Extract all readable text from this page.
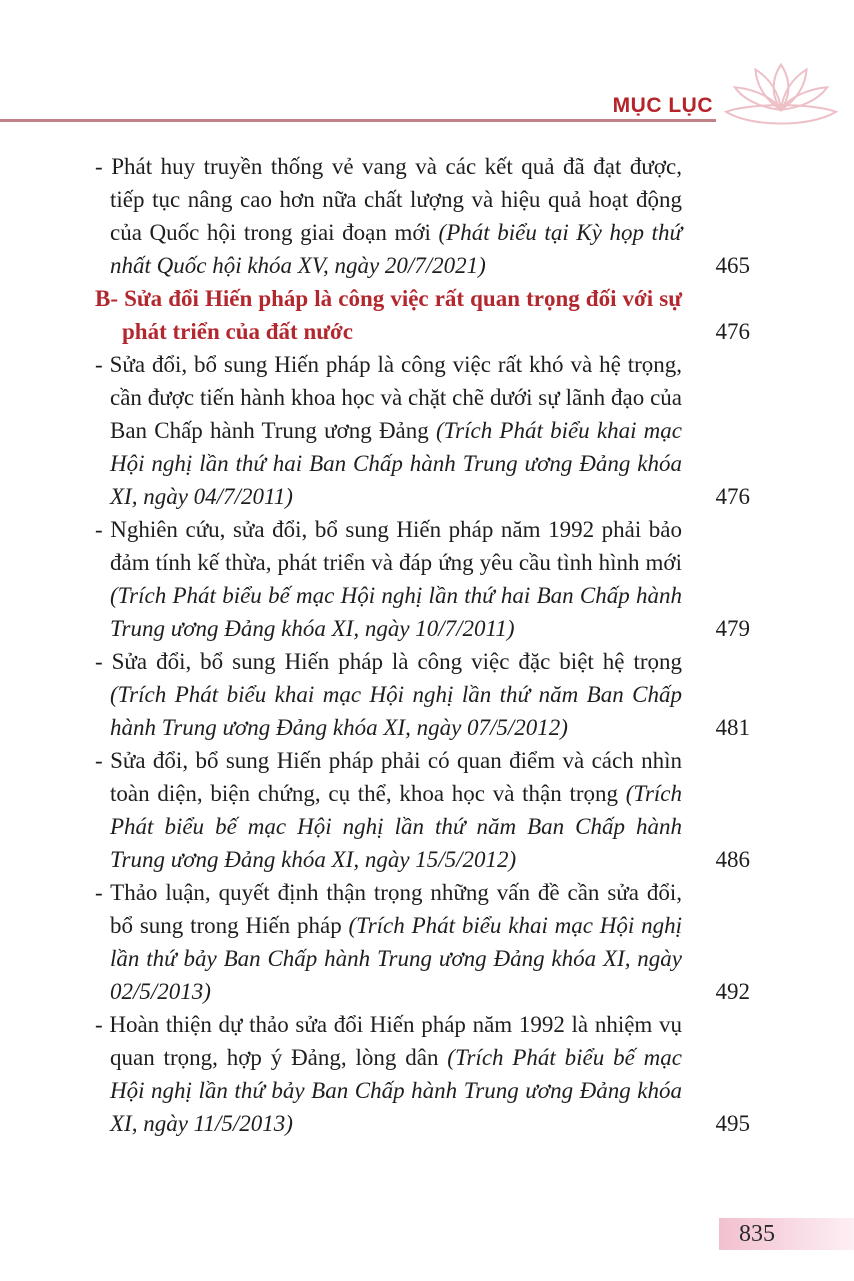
MỤC LỤC

- Phát huy truyền thống vẻ vang và các kết quả đã đạt được, tiếp tục nâng cao hơn nữa chất lượng và hiệu quả hoạt động của Quốc hội trong giai đoạn mới (Phát biểu tại Kỳ họp thứ nhất Quốc hội khóa XV, ngày 20/7/2021)	465

B- Sửa đổi Hiến pháp là công việc rất quan trọng đối với sự phát triển của đất nước	476

- Sửa đổi, bổ sung Hiến pháp là công việc rất khó và hệ trọng, cần được tiến hành khoa học và chặt chẽ dưới sự lãnh đạo của Ban Chấp hành Trung ương Đảng (Trích Phát biểu khai mạc Hội nghị lần thứ hai Ban Chấp hành Trung ương Đảng khóa XI, ngày 04/7/2011)	476

- Nghiên cứu, sửa đổi, bổ sung Hiến pháp năm 1992 phải bảo đảm tính kế thừa, phát triển và đáp ứng yêu cầu tình hình mới (Trích Phát biểu bế mạc Hội nghị lần thứ hai Ban Chấp hành Trung ương Đảng khóa XI, ngày 10/7/2011)	479

- Sửa đổi, bổ sung Hiến pháp là công việc đặc biệt hệ trọng (Trích Phát biểu khai mạc Hội nghị lần thứ năm Ban Chấp hành Trung ương Đảng khóa XI, ngày 07/5/2012)	481

- Sửa đổi, bổ sung Hiến pháp phải có quan điểm và cách nhìn toàn diện, biện chứng, cụ thể, khoa học và thận trọng (Trích Phát biểu bế mạc Hội nghị lần thứ năm Ban Chấp hành Trung ương Đảng khóa XI, ngày 15/5/2012)	486

- Thảo luận, quyết định thận trọng những vấn đề cần sửa đổi, bổ sung trong Hiến pháp (Trích Phát biểu khai mạc Hội nghị lần thứ bảy Ban Chấp hành Trung ương Đảng khóa XI, ngày 02/5/2013)	492

- Hoàn thiện dự thảo sửa đổi Hiến pháp năm 1992 là nhiệm vụ quan trọng, hợp ý Đảng, lòng dân (Trích Phát biểu bế mạc Hội nghị lần thứ bảy Ban Chấp hành Trung ương Đảng khóa XI, ngày 11/5/2013)	495
835
